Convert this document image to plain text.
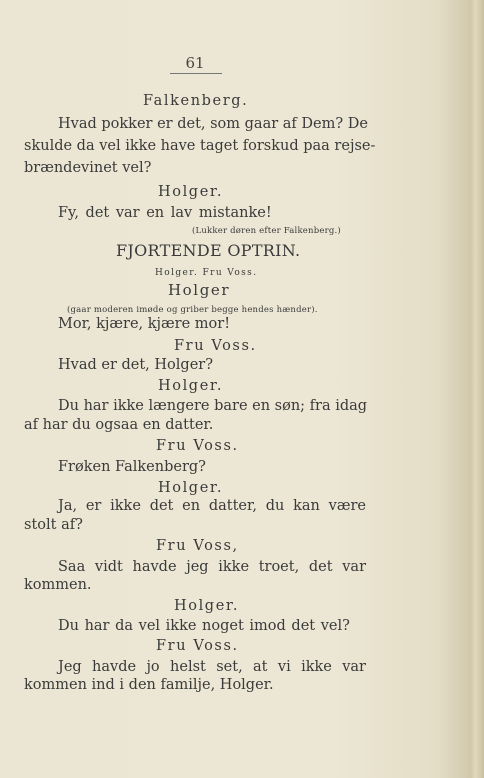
61
Falkenberg.
Hvad pokker er det, som gaar af Dem? De
skulde da vel ikke have taget forskud paa rejse-
brændevinet vel?
Holger.
Fy, det var en lav mistanke!
(Lukker døren efter Falkenberg.)
FJORTENDE OPTRIN.
Holger. Fru Voss.
Holger
(gaar moderen imøde og griber begge hendes hænder).
Mor, kjære, kjære mor!
Fru Voss.
Hvad er det, Holger?
Holger.
Du har ikke længere bare en søn; fra idag
af har du ogsaa en datter.
Fru Voss.
Frøken Falkenberg?
Holger.
Ja, er ikke det en datter, du kan være
stolt af?
Fru Voss,
Saa vidt havde jeg ikke troet, det var
kommen.
Holger.
Du har da vel ikke noget imod det vel?
Fru Voss.
Jeg havde jo helst set, at vi ikke var
kommen ind i den familje, Holger.
